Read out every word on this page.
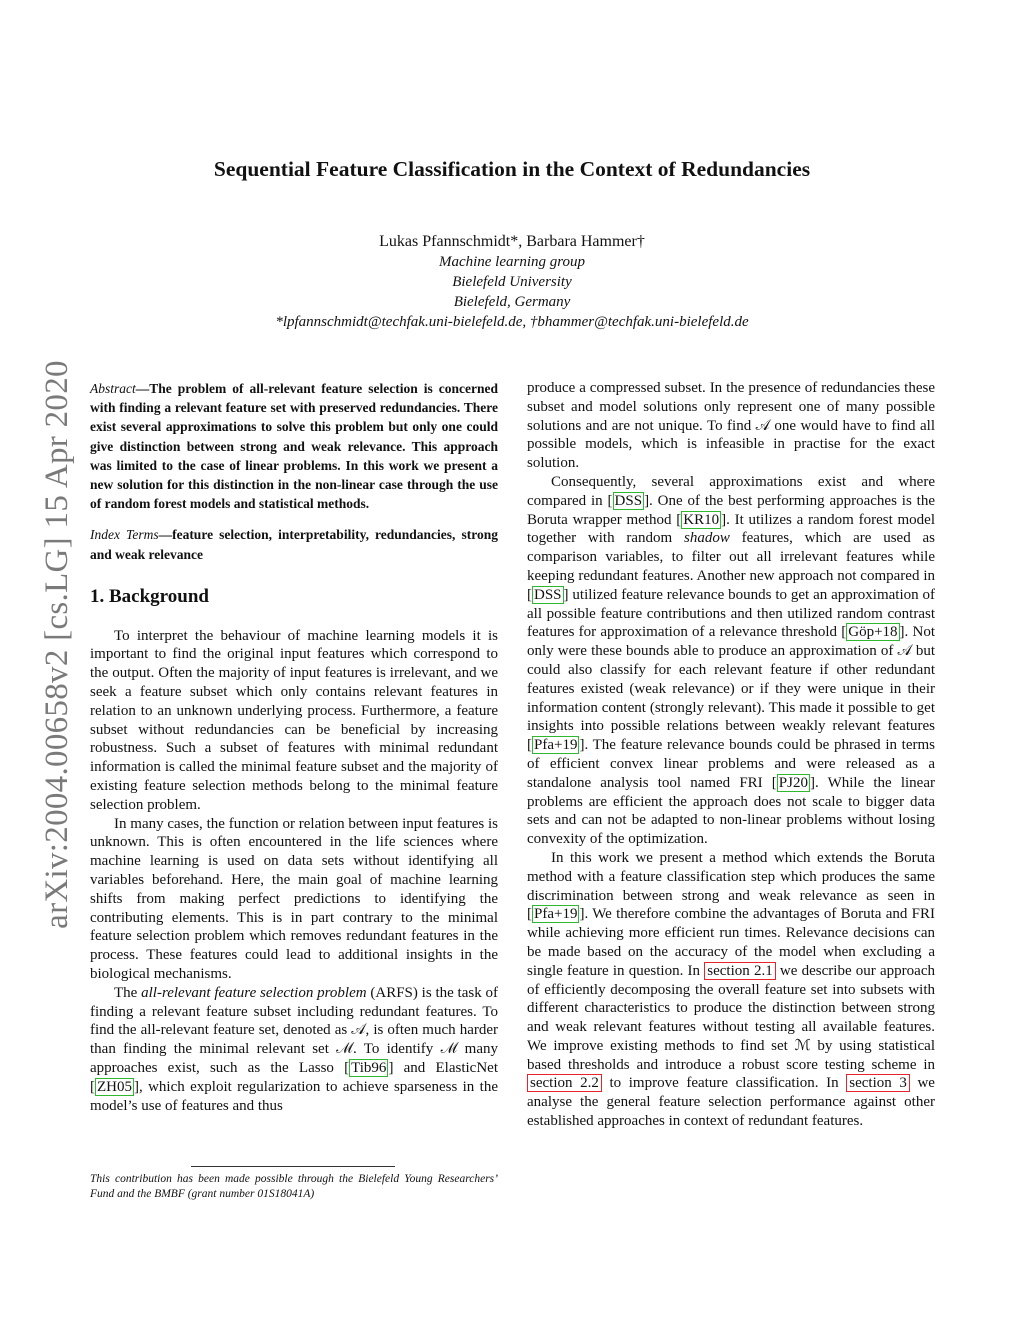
arXiv:2004.00658v2 [cs.LG] 15 Apr 2020
Sequential Feature Classification in the Context of Redundancies
Lukas Pfannschmidt*, Barbara Hammer†
Machine learning group
Bielefeld University
Bielefeld, Germany
*lpfannschmidt@techfak.uni-bielefeld.de, †bhammer@techfak.uni-bielefeld.de

Abstract—The problem of all-relevant feature selection is concerned with finding a relevant feature set with preserved redundancies. There exist several approximations to solve this problem but only one could give distinction between strong and weak relevance. This approach was limited to the case of linear problems. In this work we present a new solution for this distinction in the non-linear case through the use of random forest models and statistical methods.

Index Terms—feature selection, interpretability, redundancies, strong and weak relevance

1. Background

To interpret the behaviour of machine learning models it is important to find the original input features which correspond to the output. Often the majority of input features is irrelevant, and we seek a feature subset which only contains relevant features in relation to an unknown underlying process. Furthermore, a feature subset without redundancies can be beneficial by increasing robustness. Such a subset of features with minimal redundant information is called the minimal feature subset and the majority of existing feature selection methods belong to the minimal feature selection problem.

In many cases, the function or relation between input features is unknown. This is often encountered in the life sciences where machine learning is used on data sets without identifying all variables beforehand. Here, the main goal of machine learning shifts from making perfect predictions to identifying the contributing elements. This is in part contrary to the minimal feature selection problem which removes redundant features in the process. These features could lead to additional insights in the biological mechanisms.

The all-relevant feature selection problem (ARFS) is the task of finding a relevant feature subset including redundant features. To find the all-relevant feature set, denoted as 𝒜, is often much harder than finding the minimal relevant set ℳ. To identify ℳ many approaches exist, such as the Lasso [ Tib96 ] and ElasticNet [ ZH05 ], which exploit regularization to achieve sparseness in the model’s use of features and thus

This contribution has been made possible through the Bielefeld Young Researchers’ Fund and the BMBF (grant number 01S18041A)

produce a compressed subset. In the presence of redundancies these subset and model solutions only represent one of many possible solutions and are not unique. To find 𝒜 one would have to find all possible models, which is infeasible in practise for the exact solution.

Consequently, several approximations exist and where compared in [ DSS ]. One of the best performing approaches is the Boruta wrapper method [ KR10 ]. It utilizes a random forest model together with random shadow features, which are used as comparison variables, to filter out all irrelevant features while keeping redundant features. Another new approach not compared in [ DSS ] utilized feature relevance bounds to get an approximation of all possible feature contributions and then utilized random contrast features for approximation of a relevance threshold [ Göp+18 ]. Not only were these bounds able to produce an approximation of 𝒜 but could also classify for each relevant feature if other redundant features existed (weak relevance) or if they were unique in their information content (strongly relevant). This made it possible to get insights into possible relations between weakly relevant features [ Pfa+19 ]. The feature relevance bounds could be phrased in terms of efficient convex linear problems and were released as a standalone analysis tool named FRI [ PJ20 ]. While the linear problems are efficient the approach does not scale to bigger data sets and can not be adapted to non-linear problems without losing convexity of the optimization.

In this work we present a method which extends the Boruta method with a feature classification step which produces the same discrimination between strong and weak relevance as seen in [ Pfa+19 ]. We therefore combine the advantages of Boruta and FRI while achieving more efficient run times. Relevance decisions can be made based on the accuracy of the model when excluding a single feature in question. In section 2.1 we describe our approach of efficiently decomposing the overall feature set into subsets with different characteristics to produce the distinction between strong and weak relevant features without testing all available features. We improve existing methods to find set ℳ by using statistical based thresholds and introduce a robust score testing scheme in section 2.2 to improve feature classification. In section 3 we analyse the general feature selection performance against other established approaches in context of redundant features.
